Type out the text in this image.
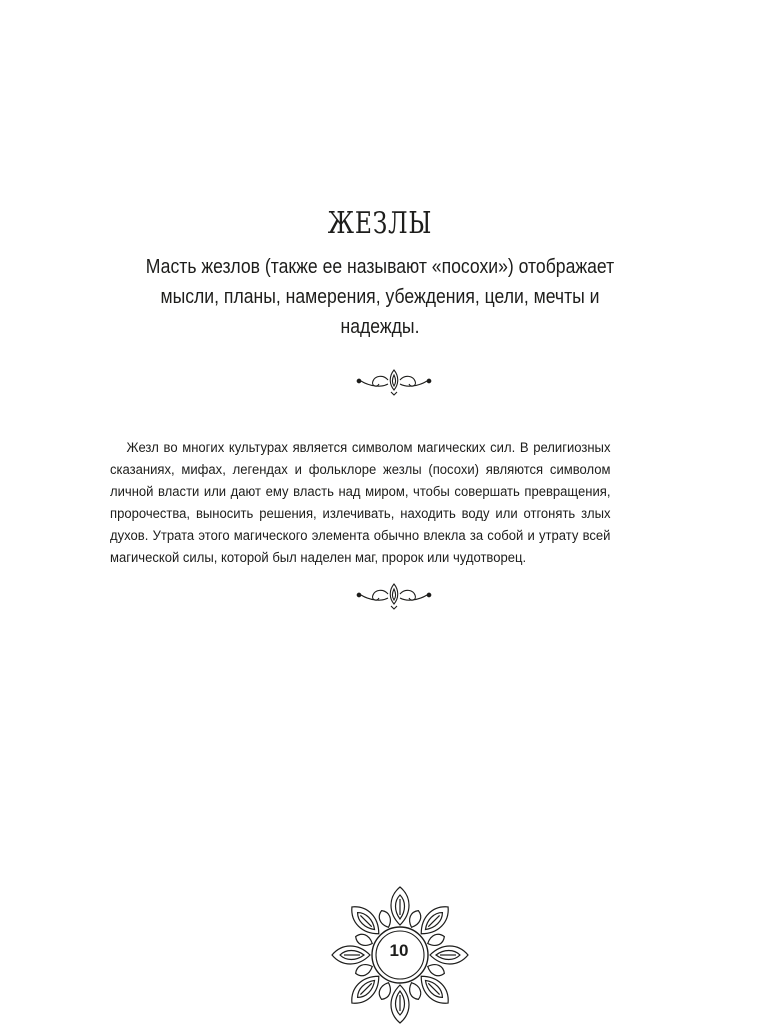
ЖЕЗЛЫ
Масть жезлов (также ее называют «посохи») отображает мысли, планы, намерения, убеждения, цели, мечты и надежды.
Жезл во многих культурах является символом магических сил. В религиозных сказаниях, мифах, легендах и фольклоре жезлы (посохи) являются символом личной власти или дают ему власть над миром, чтобы совершать превращения, пророчества, выносить решения, излечивать, находить воду или отгонять злых духов. Утрата этого магического элемента обычно влекла за собой и утрату всей магической силы, которой был наделен маг, пророк или чудотворец.
10
